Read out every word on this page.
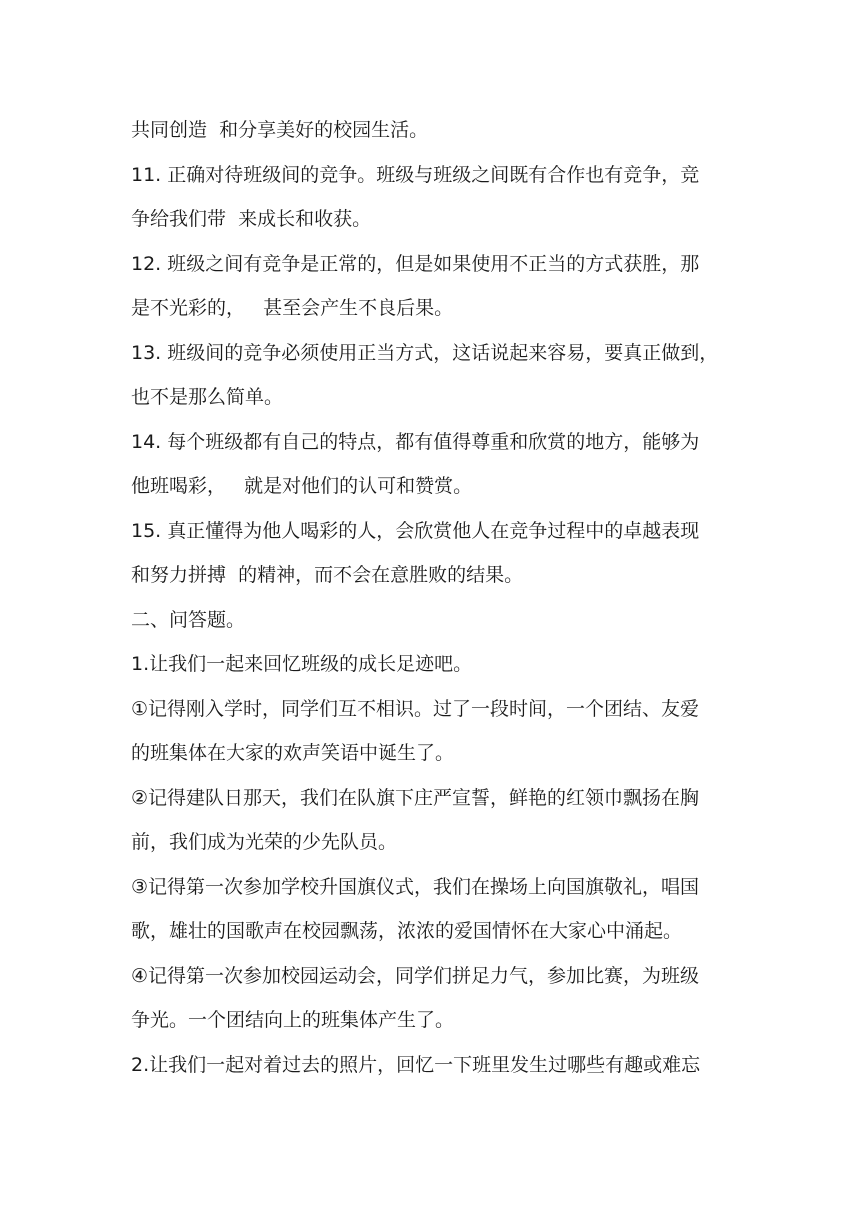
共同创造  和分享美好的校园生活。
11. 正确对待班级间的竞争。班级与班级之间既有合作也有竞争，竞
争给我们带  来成长和收获。
12. 班级之间有竞争是正常的，但是如果使用不正当的方式获胜，那
是不光彩的，   甚至会产生不良后果。
13. 班级间的竞争必须使用正当方式，这话说起来容易，要真正做到，
也不是那么简单。
14. 每个班级都有自己的特点，都有值得尊重和欣赏的地方，能够为
他班喝彩，   就是对他们的认可和赞赏。
15. 真正懂得为他人喝彩的人，会欣赏他人在竞争过程中的卓越表现
和努力拼搏  的精神，而不会在意胜败的结果。
二、问答题。
1.让我们一起来回忆班级的成长足迹吧。
①记得刚入学时，同学们互不相识。过了一段时间，一个团结、友爱
的班集体在大家的欢声笑语中诞生了。
②记得建队日那天，我们在队旗下庄严宣誓，鲜艳的红领巾飘扬在胸
前，我们成为光荣的少先队员。
③记得第一次参加学校升国旗仪式，我们在操场上向国旗敬礼，唱国
歌，雄壮的国歌声在校园飘荡，浓浓的爱国情怀在大家心中涌起。
④记得第一次参加校园运动会，同学们拼足力气，参加比赛，为班级
争光。一个团结向上的班集体产生了。
2.让我们一起对着过去的照片，回忆一下班里发生过哪些有趣或难忘
